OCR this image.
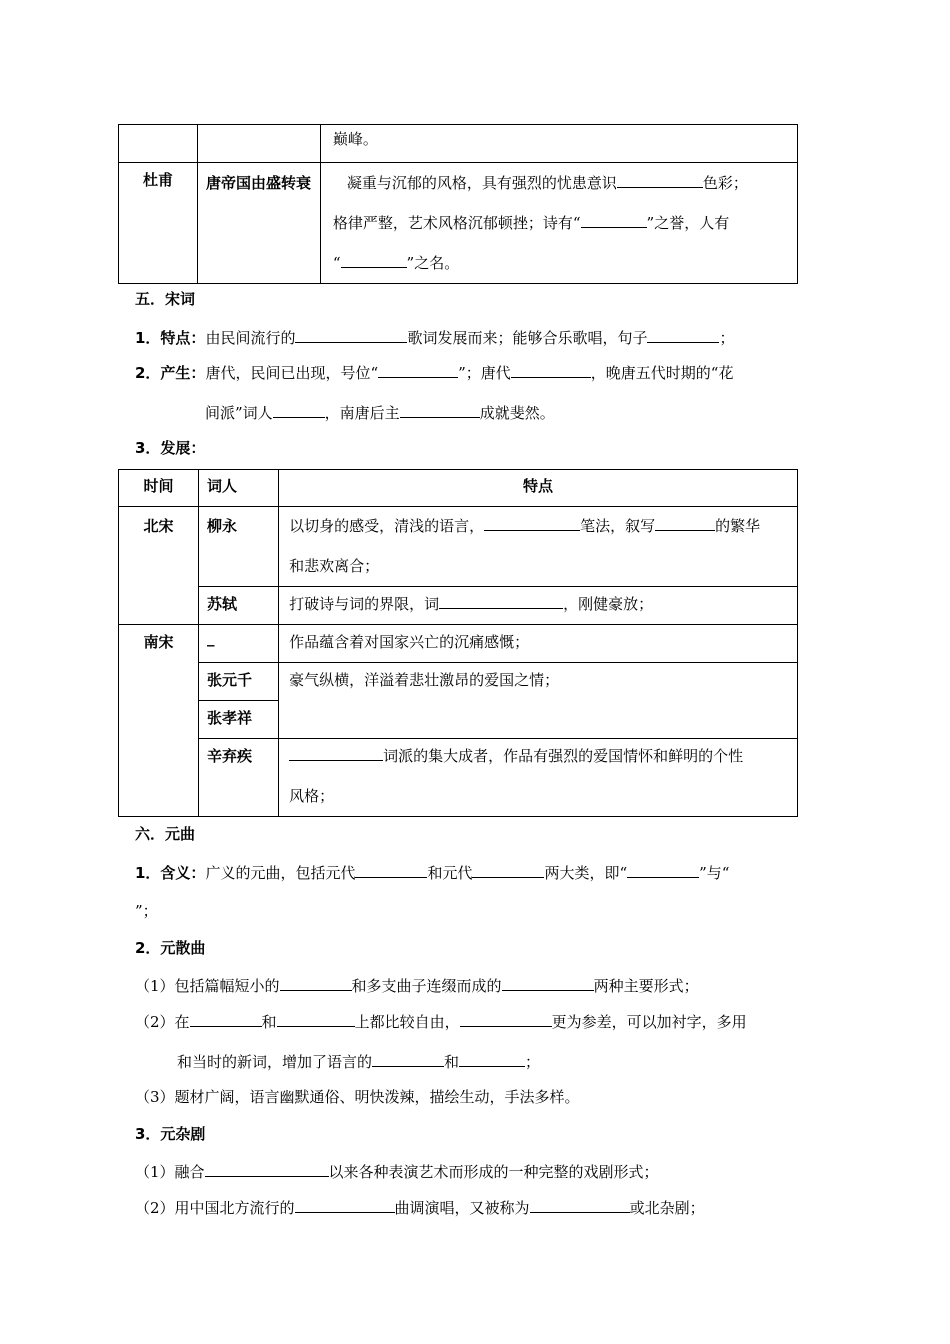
		巅峰。

杜甫	唐帝国由盛转衰	凝重与沉郁的风格，具有强烈的忧患意识 色彩；
格律严整，艺术风格沉郁顿挫；诗有“ ”之誉，人有
“ ”之名。
五．宋词
1．特点：由民间流行的	歌词发展而来；能够合乐歌唱，句子	；
2．产生：唐代，民间已出现，号位“	”；唐代	，晚唐五代时期的“花
间派”词人	，南唐后主	成就斐然。
3．发展：
时间	词人	特点

北宋	柳永	以切身的感受，清浅的语言， 笔法，叙写 的繁华
和悲欢离合；

	苏轼	打破诗与词的界限，词 ，刚健豪放；

南宋	_	作品蕴含着对国家兴亡的沉痛感慨；

	张元千	豪气纵横，洋溢着悲壮激昂的爱国之情；

	张孝祥	

	辛弃疾	词派的集大成者，作品有强烈的爱国情怀和鲜明的个性
风格；
六．元曲
1．含义：广义的元曲，包括元代	和元代	两大类，即“	”与“
”；
2．元散曲
（1）包括篇幅短小的	和多支曲子连缀而成的	两种主要形式；
（2）在	和	上都比较自由，	更为参差，可以加衬字，多用
和当时的新词，增加了语言的	和	；
（3）题材广阔，语言幽默通俗、明快泼辣，描绘生动，手法多样。
3．元杂剧
（1）融合	以来各种表演艺术而形成的一种完整的戏剧形式；
（2）用中国北方流行的	曲调演唱，又被称为	或北杂剧；
